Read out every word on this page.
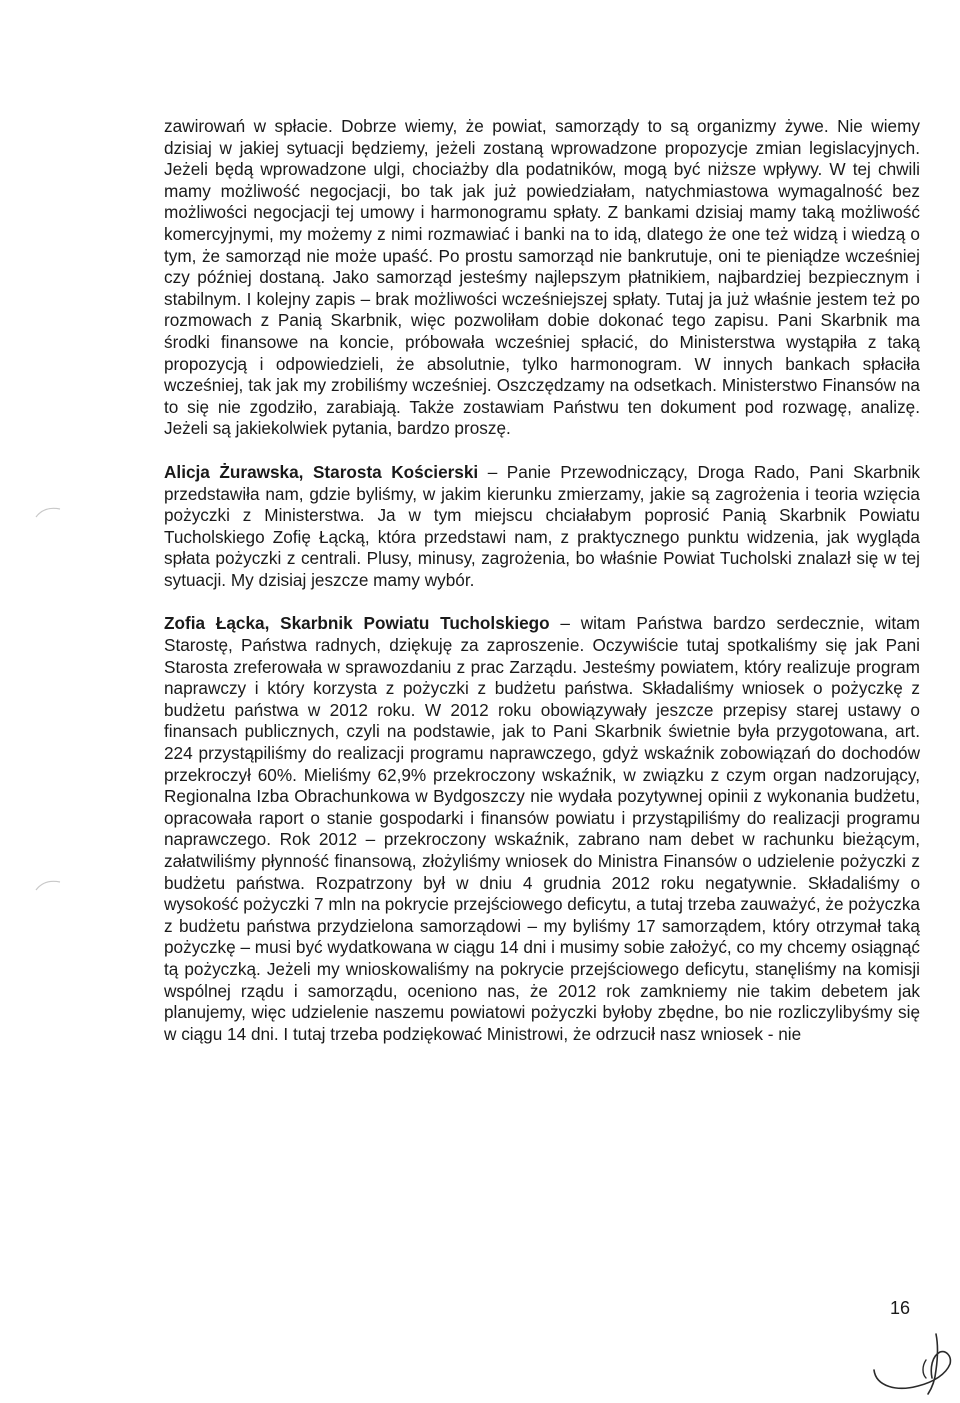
zawirowań w spłacie. Dobrze wiemy, że powiat, samorządy to są organizmy żywe. Nie wiemy dzisiaj w jakiej sytuacji będziemy, jeżeli zostaną wprowadzone propozycje zmian legislacyjnych. Jeżeli będą wprowadzone ulgi, chociażby dla podatników, mogą być niższe wpływy. W tej chwili mamy możliwość negocjacji, bo tak jak już powiedziałam, natychmiastowa wymagalność bez możliwości negocjacji tej umowy i harmonogramu spłaty. Z bankami dzisiaj mamy taką możliwość komercyjnymi, my możemy z nimi rozmawiać i banki na to idą, dlatego że one też widzą i wiedzą o tym, że samorząd nie może upaść. Po prostu samorząd nie bankrutuje, oni te pieniądze wcześniej czy później dostaną. Jako samorząd jesteśmy najlepszym płatnikiem, najbardziej bezpiecznym i stabilnym. I kolejny zapis – brak możliwości wcześniejszej spłaty. Tutaj ja już właśnie jestem też po rozmowach z Panią Skarbnik, więc pozwoliłam dobie dokonać tego zapisu. Pani Skarbnik ma środki finansowe na koncie, próbowała wcześniej spłacić, do Ministerstwa wystąpiła z taką propozycją i odpowiedzieli, że absolutnie, tylko harmonogram. W innych bankach spłaciła wcześniej, tak jak my zrobiliśmy wcześniej. Oszczędzamy na odsetkach. Ministerstwo Finansów na to się nie zgodziło, zarabiają. Także zostawiam Państwu ten dokument pod rozwagę, analizę. Jeżeli są jakiekolwiek pytania, bardzo proszę.

Alicja Żurawska, Starosta Kościerski – Panie Przewodniczący, Droga Rado, Pani Skarbnik przedstawiła nam, gdzie byliśmy, w jakim kierunku zmierzamy, jakie są zagrożenia i teoria wzięcia pożyczki z Ministerstwa. Ja w tym miejscu chciałabym poprosić Panią Skarbnik Powiatu Tucholskiego Zofię Łącką, która przedstawi nam, z praktycznego punktu widzenia, jak wygląda spłata pożyczki z centrali. Plusy, minusy, zagrożenia, bo właśnie Powiat Tucholski znalazł się w tej sytuacji. My dzisiaj jeszcze mamy wybór.

Zofia Łącka, Skarbnik Powiatu Tucholskiego – witam Państwa bardzo serdecznie, witam Starostę, Państwa radnych, dziękuję za zaproszenie. Oczywiście tutaj spotkaliśmy się jak Pani Starosta zreferowała w sprawozdaniu z prac Zarządu. Jesteśmy powiatem, który realizuje program naprawczy i który korzysta z pożyczki z budżetu państwa. Składaliśmy wniosek o pożyczkę z budżetu państwa w 2012 roku. W 2012 roku obowiązywały jeszcze przepisy starej ustawy o finansach publicznych, czyli na podstawie, jak to Pani Skarbnik świetnie była przygotowana, art. 224 przystąpiliśmy do realizacji programu naprawczego, gdyż wskaźnik zobowiązań do dochodów przekroczył 60%. Mieliśmy 62,9% przekroczony wskaźnik, w związku z czym organ nadzorujący, Regionalna Izba Obrachunkowa w Bydgoszczy nie wydała pozytywnej opinii z wykonania budżetu, opracowała raport o stanie gospodarki i finansów powiatu i przystąpiliśmy do realizacji programu naprawczego. Rok 2012 – przekroczony wskaźnik, zabrano nam debet w rachunku bieżącym, załatwiliśmy płynność finansową, złożyliśmy wniosek do Ministra Finansów o udzielenie pożyczki z budżetu państwa. Rozpatrzony był w dniu 4 grudnia 2012 roku negatywnie. Składaliśmy o wysokość pożyczki 7 mln na pokrycie przejściowego deficytu, a tutaj trzeba zauważyć, że pożyczka z budżetu państwa przydzielona samorządowi – my byliśmy 17 samorządem, który otrzymał taką pożyczkę – musi być wydatkowana w ciągu 14 dni i musimy sobie założyć, co my chcemy osiągnąć tą pożyczką. Jeżeli my wnioskowaliśmy na pokrycie przejściowego deficytu, stanęliśmy na komisji wspólnej rządu i samorządu, oceniono nas, że 2012 rok zamkniemy nie takim debetem jak planujemy, więc udzielenie naszemu powiatowi pożyczki byłoby zbędne, bo nie rozliczylibyśmy się w ciągu 14 dni. I tutaj trzeba podziękować Ministrowi, że odrzucił nasz wniosek - nie

16
